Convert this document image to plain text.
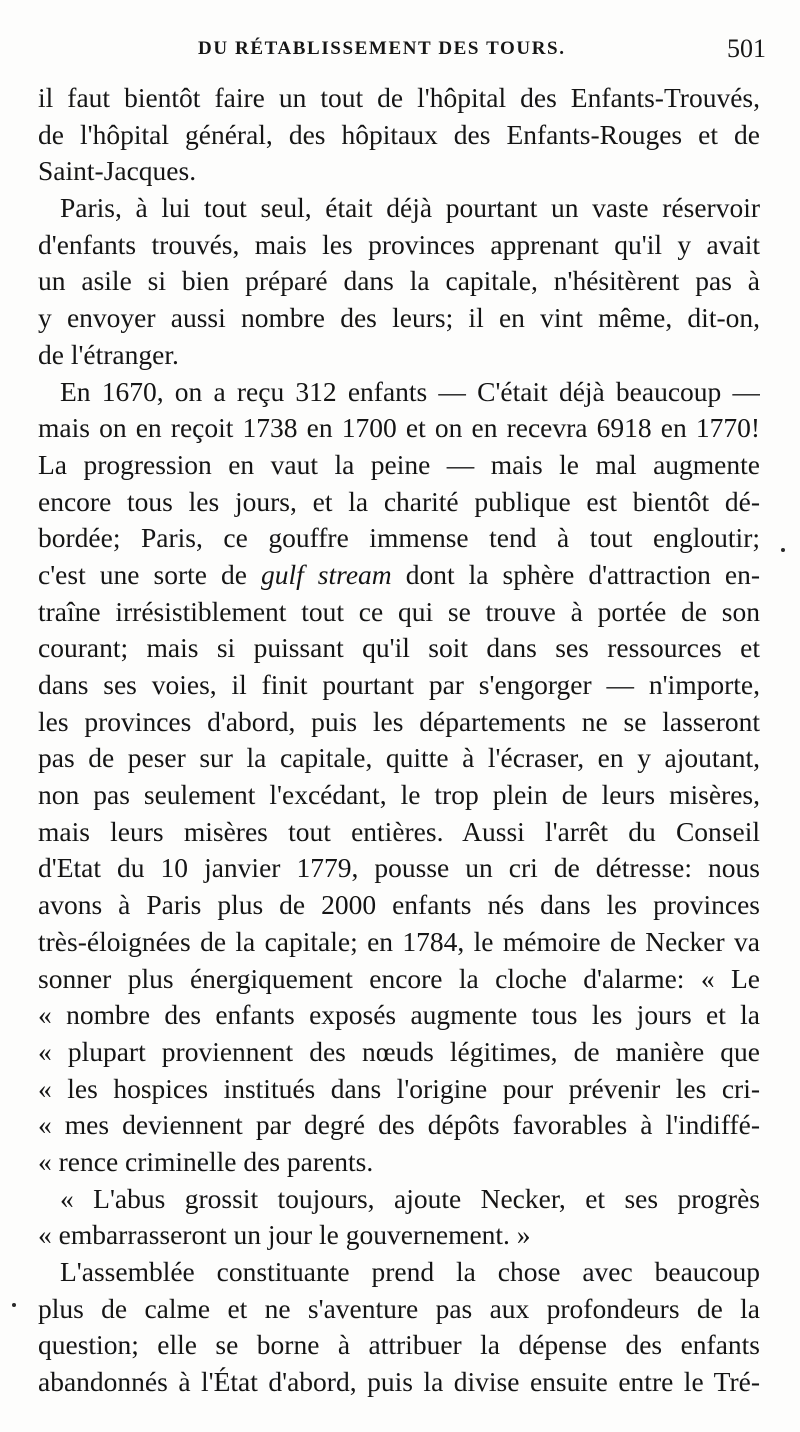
DU RÉTABLISSEMENT DES TOURS.	501
il faut bientôt faire un tout de l'hôpital des Enfants-Trouvés,
de l'hôpital général, des hôpitaux des Enfants-Rouges et de
Saint-Jacques.
Paris, à lui tout seul, était déjà pourtant un vaste réservoir
d'enfants trouvés, mais les provinces apprenant qu'il y avait
un asile si bien préparé dans la capitale, n'hésitèrent pas à
y envoyer aussi nombre des leurs; il en vint même, dit-on,
de l'étranger.
En 1670, on a reçu 312 enfants — C'était déjà beaucoup —
mais on en reçoit 1738 en 1700 et on en recevra 6918 en 1770!
La progression en vaut la peine — mais le mal augmente
encore tous les jours, et la charité publique est bientôt dé-
bordée; Paris, ce gouffre immense tend à tout engloutir;
c'est une sorte de gulf stream dont la sphère d'attraction en-
traîne irrésistiblement tout ce qui se trouve à portée de son
courant; mais si puissant qu'il soit dans ses ressources et
dans ses voies, il finit pourtant par s'engorger — n'importe,
les provinces d'abord, puis les départements ne se lasseront
pas de peser sur la capitale, quitte à l'écraser, en y ajoutant,
non pas seulement l'excédant, le trop plein de leurs misères,
mais leurs misères tout entières. Aussi l'arrêt du Conseil
d'Etat du 10 janvier 1779, pousse un cri de détresse: nous
avons à Paris plus de 2000 enfants nés dans les provinces
très-éloignées de la capitale; en 1784, le mémoire de Necker va
sonner plus énergiquement encore la cloche d'alarme: « Le
« nombre des enfants exposés augmente tous les jours et la
« plupart proviennent des nœuds légitimes, de manière que
« les hospices institués dans l'origine pour prévenir les cri-
« mes deviennent par degré des dépôts favorables à l'indiffé-
« rence criminelle des parents.
« L'abus grossit toujours, ajoute Necker, et ses progrès
« embarrasseront un jour le gouvernement. »
L'assemblée constituante prend la chose avec beaucoup
plus de calme et ne s'aventure pas aux profondeurs de la
question; elle se borne à attribuer la dépense des enfants
abandonnés à l'État d'abord, puis la divise ensuite entre le Tré-
